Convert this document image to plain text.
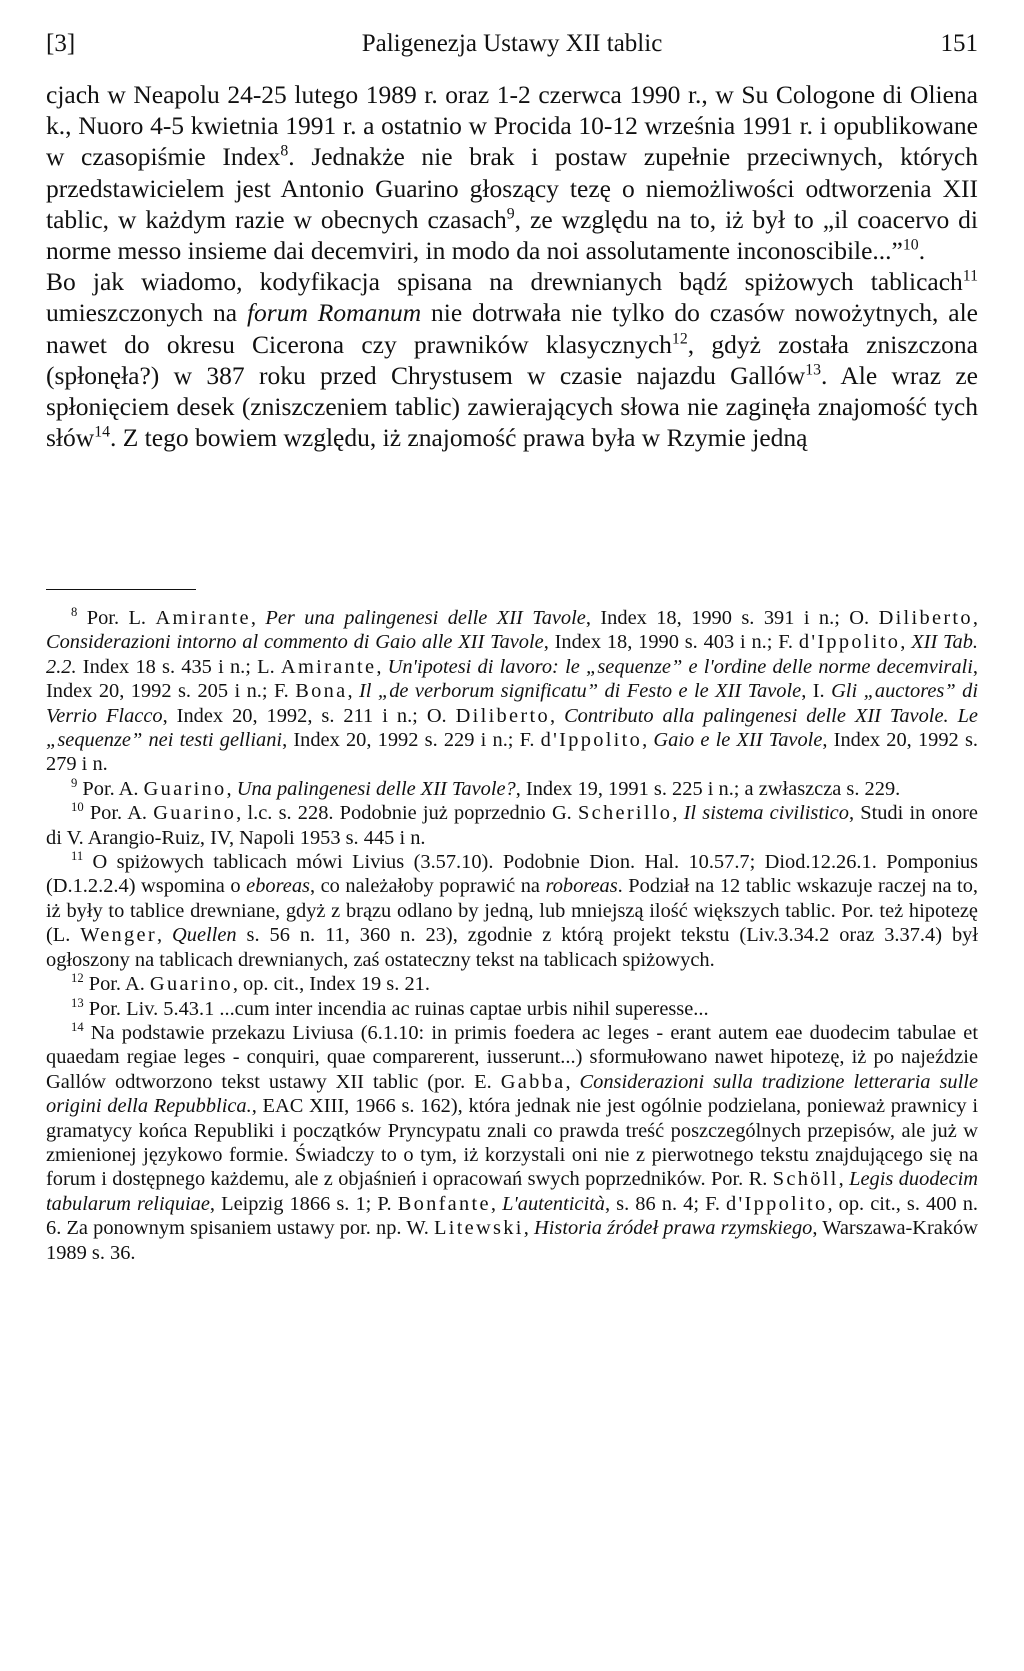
[3]	Paligenezja Ustawy XII tablic	151

cjach w Neapolu 24-25 lutego 1989 r. oraz 1-2 czerwca 1990 r., w Su Cologone di Oliena k., Nuoro 4-5 kwietnia 1991 r. a ostatnio w Procida 10-12 września 1991 r. i opublikowane w czasopiśmie Index$^8$. Jednakże nie brak i postaw zupełnie przeciwnych, których przedstawicielem jest Antonio Guarino głoszący tezę o niemożliwości odtworzenia XII tablic, w każdym razie w obecnych czasach$^9$, ze względu na to, iż był to „il coacervo di norme messo insieme dai decemviri, in modo da noi assolutamente inconoscibile...”$^{10}$.

Bo jak wiadomo, kodyfikacja spisana na drewnianych bądź spiżowych tablicach$^{11}$ umieszczonych na forum Romanum nie dotrwała nie tylko do czasów nowożytnych, ale nawet do okresu Cicerona czy prawników klasycznych$^{12}$, gdyż została zniszczona (spłonęła?) w 387 roku przed Chrystusem w czasie najazdu Gallów$^{13}$. Ale wraz ze spłonięciem desek (zniszczeniem tablic) zawierających słowa nie zaginęła znajomość tych słów$^{14}$. Z tego bowiem względu, iż znajomość prawa była w Rzymie jedną

$^8$ Por. L. Amirante, Per una palingenesi delle XII Tavole, Index 18, 1990 s. 391 i n.; O. Diliberto, Considerazioni intorno al commento di Gaio alle XII Tavole, Index 18, 1990 s. 403 i n.; F. d'Ippolito, XII Tab. 2.2. Index 18 s. 435 i n.; L. Amirante, Un'ipotesi di lavoro: le „sequenze” e l'ordine delle norme decemvirali, Index 20, 1992 s. 205 i n.; F. Bona, Il „de verborum significatu” di Festo e le XII Tavole, I. Gli „auctores” di Verrio Flacco, Index 20, 1992, s. 211 i n.; O. Diliberto, Contributo alla palingenesi delle XII Tavole. Le „sequenze” nei testi gelliani, Index 20, 1992 s. 229 i n.; F. d'Ippolito, Gaio e le XII Tavole, Index 20, 1992 s. 279 i n.

$^9$ Por. A. Guarino, Una palingenesi delle XII Tavole?, Index 19, 1991 s. 225 i n.; a zwłaszcza s. 229.

$^{10}$ Por. A. Guarino, l.c. s. 228. Podobnie już poprzednio G. Scherillo, Il sistema civilistico, Studi in onore di V. Arangio-Ruiz, IV, Napoli 1953 s. 445 i n.

$^{11}$ O spiżowych tablicach mówi Livius (3.57.10). Podobnie Dion. Hal. 10.57.7; Diod.12.26.1. Pomponius (D.1.2.2.4) wspomina o eboreas, co należałoby poprawić na roboreas. Podział na 12 tablic wskazuje raczej na to, iż były to tablice drewniane, gdyż z brązu odlano by jedną, lub mniejszą ilość większych tablic. Por. też hipotezę (L. Wenger, Quellen s. 56 n. 11, 360 n. 23), zgodnie z którą projekt tekstu (Liv.3.34.2 oraz 3.37.4) był ogłoszony na tablicach drewnianych, zaś ostateczny tekst na tablicach spiżowych.

$^{12}$ Por. A. Guarino, op. cit., Index 19 s. 21.

$^{13}$ Por. Liv. 5.43.1 ...cum inter incendia ac ruinas captae urbis nihil superesse...

$^{14}$ Na podstawie przekazu Liviusa (6.1.10: in primis foedera ac leges - erant autem eae duodecim tabulae et quaedam regiae leges - conquiri, quae comparerent, iusserunt...) sformułowano nawet hipotezę, iż po najeździe Gallów odtworzono tekst ustawy XII tablic (por. E. Gabba, Considerazioni sulla tradizione letteraria sulle origini della Repubblica., EAC XIII, 1966 s. 162), która jednak nie jest ogólnie podzielana, ponieważ prawnicy i gramatycy końca Republiki i początków Pryncypatu znali co prawda treść poszczególnych przepisów, ale już w zmienionej językowo formie. Świadczy to o tym, iż korzystali oni nie z pierwotnego tekstu znajdującego się na forum i dostępnego każdemu, ale z objaśnień i opracowań swych poprzedników. Por. R. Schöll, Legis duodecim tabularum reliquiae, Leipzig 1866 s. 1; P. Bonfante, L'autenticità, s. 86 n. 4; F. d'Ippolito, op. cit., s. 400 n. 6. Za ponownym spisaniem ustawy por. np. W. Litewski, Historia źródeł prawa rzymskiego, Warszawa-Kraków 1989 s. 36.
